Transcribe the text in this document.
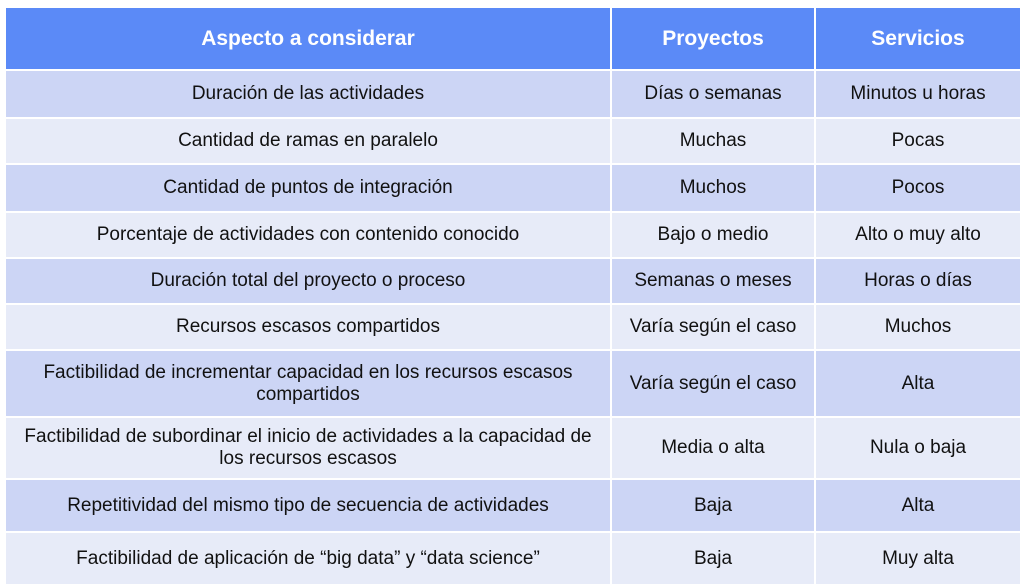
Aspecto a considerar	Proyectos	Servicios
Duración de las actividades	Días o semanas	Minutos u horas
Cantidad de ramas en paralelo	Muchas	Pocas
Cantidad de puntos de integración	Muchos	Pocos
Porcentaje de actividades con contenido conocido	Bajo o medio	Alto o muy alto
Duración total del proyecto o proceso	Semanas o meses	Horas o días
Recursos escasos compartidos	Varía según el caso	Muchos
Factibilidad de incrementar capacidad en los recursos escasos compartidos	Varía según el caso	Alta
Factibilidad de subordinar el inicio de actividades a la capacidad de los recursos escasos	Media o alta	Nula o baja
Repetitividad del mismo tipo de secuencia de actividades	Baja	Alta
Factibilidad de aplicación de “big data” y “data science”	Baja	Muy alta
